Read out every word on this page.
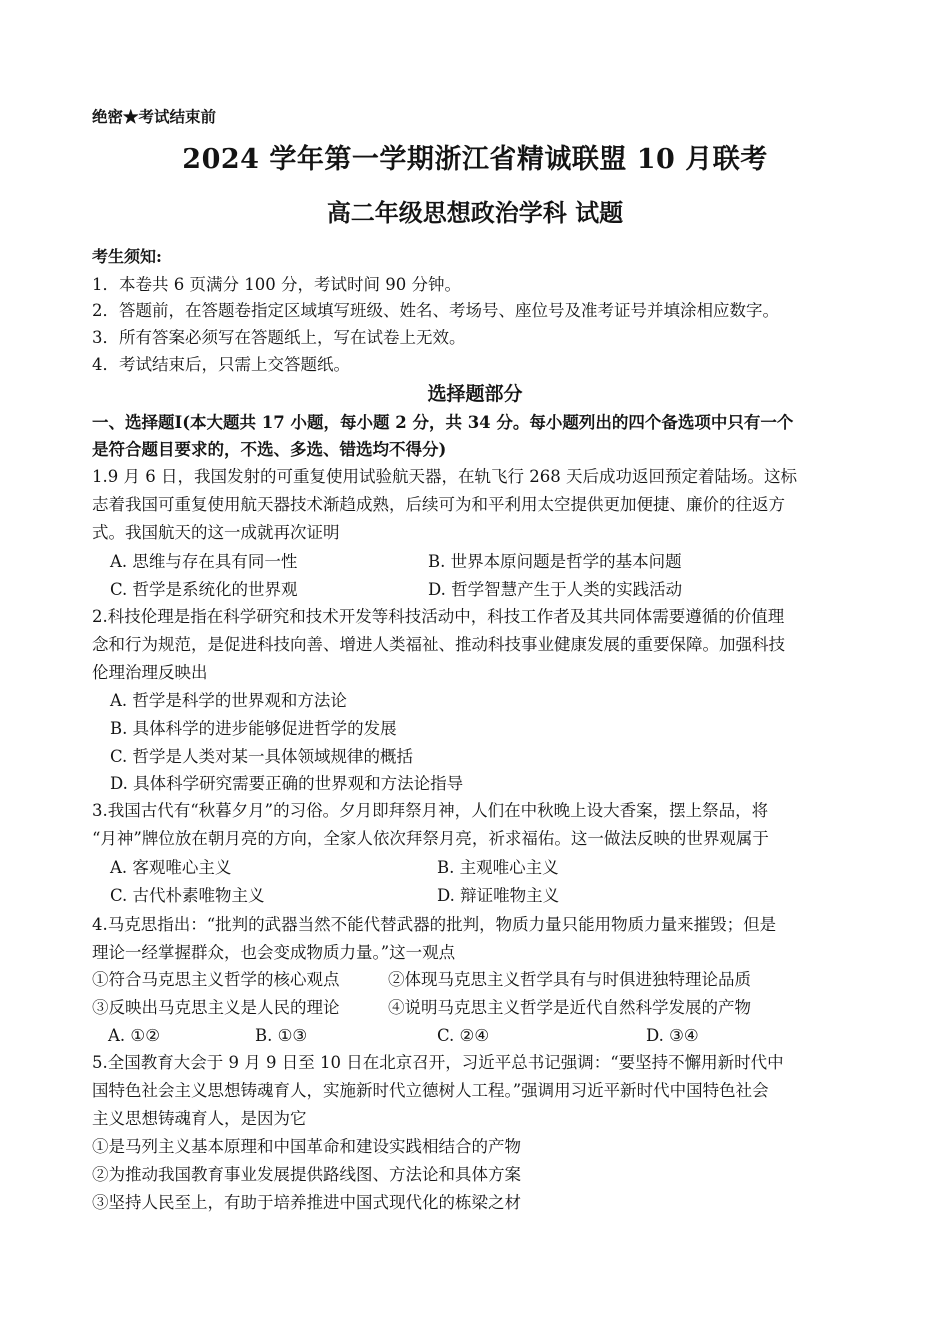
绝密★考试结束前
2024 学年第一学期浙江省精诚联盟 10 月联考
高二年级思想政治学科 试题
考生须知:
1．本卷共 6 页满分 100 分，考试时间 90 分钟。
2．答题前，在答题卷指定区域填写班级、姓名、考场号、座位号及准考证号并填涂相应数字。
3．所有答案必须写在答题纸上，写在试卷上无效。
4．考试结束后，只需上交答题纸。
选择题部分
一、选择题Ⅰ(本大题共 17 小题，每小题 2 分，共 34 分。每小题列出的四个备选项中只有一个
是符合题目要求的，不选、多选、错选均不得分)
1.9 月 6 日，我国发射的可重复使用试验航天器，在轨飞行 268 天后成功返回预定着陆场。这标
志着我国可重复使用航天器技术渐趋成熟，后续可为和平利用太空提供更加便捷、廉价的往返方
式。我国航天的这一成就再次证明
A. 思维与存在具有同一性	B. 世界本原问题是哲学的基本问题
C. 哲学是系统化的世界观	D. 哲学智慧产生于人类的实践活动
2.科技伦理是指在科学研究和技术开发等科技活动中，科技工作者及其共同体需要遵循的价值理
念和行为规范，是促进科技向善、增进人类福祉、推动科技事业健康发展的重要保障。加强科技
伦理治理反映出
A. 哲学是科学的世界观和方法论
B. 具体科学的进步能够促进哲学的发展
C. 哲学是人类对某一具体领域规律的概括
D. 具体科学研究需要正确的世界观和方法论指导
3.我国古代有“秋暮夕月”的习俗。夕月即拜祭月神，人们在中秋晚上设大香案，摆上祭品，将
“月神”牌位放在朝月亮的方向，全家人依次拜祭月亮，祈求福佑。这一做法反映的世界观属于
A. 客观唯心主义	B. 主观唯心主义
C. 古代朴素唯物主义	D. 辩证唯物主义
4.马克思指出：“批判的武器当然不能代替武器的批判，物质力量只能用物质力量来摧毁；但是
理论一经掌握群众，也会变成物质力量。”这一观点
①符合马克思主义哲学的核心观点	②体现马克思主义哲学具有与时俱进独特理论品质
③反映出马克思主义是人民的理论	④说明马克思主义哲学是近代自然科学发展的产物
A. ①②	B. ①③	C. ②④	D. ③④
5.全国教育大会于 9 月 9 日至 10 日在北京召开，习近平总书记强调：“要坚持不懈用新时代中
国特色社会主义思想铸魂育人，实施新时代立德树人工程。”强调用习近平新时代中国特色社会
主义思想铸魂育人，是因为它
①是马列主义基本原理和中国革命和建设实践相结合的产物
②为推动我国教育事业发展提供路线图、方法论和具体方案
③坚持人民至上，有助于培养推进中国式现代化的栋梁之材
